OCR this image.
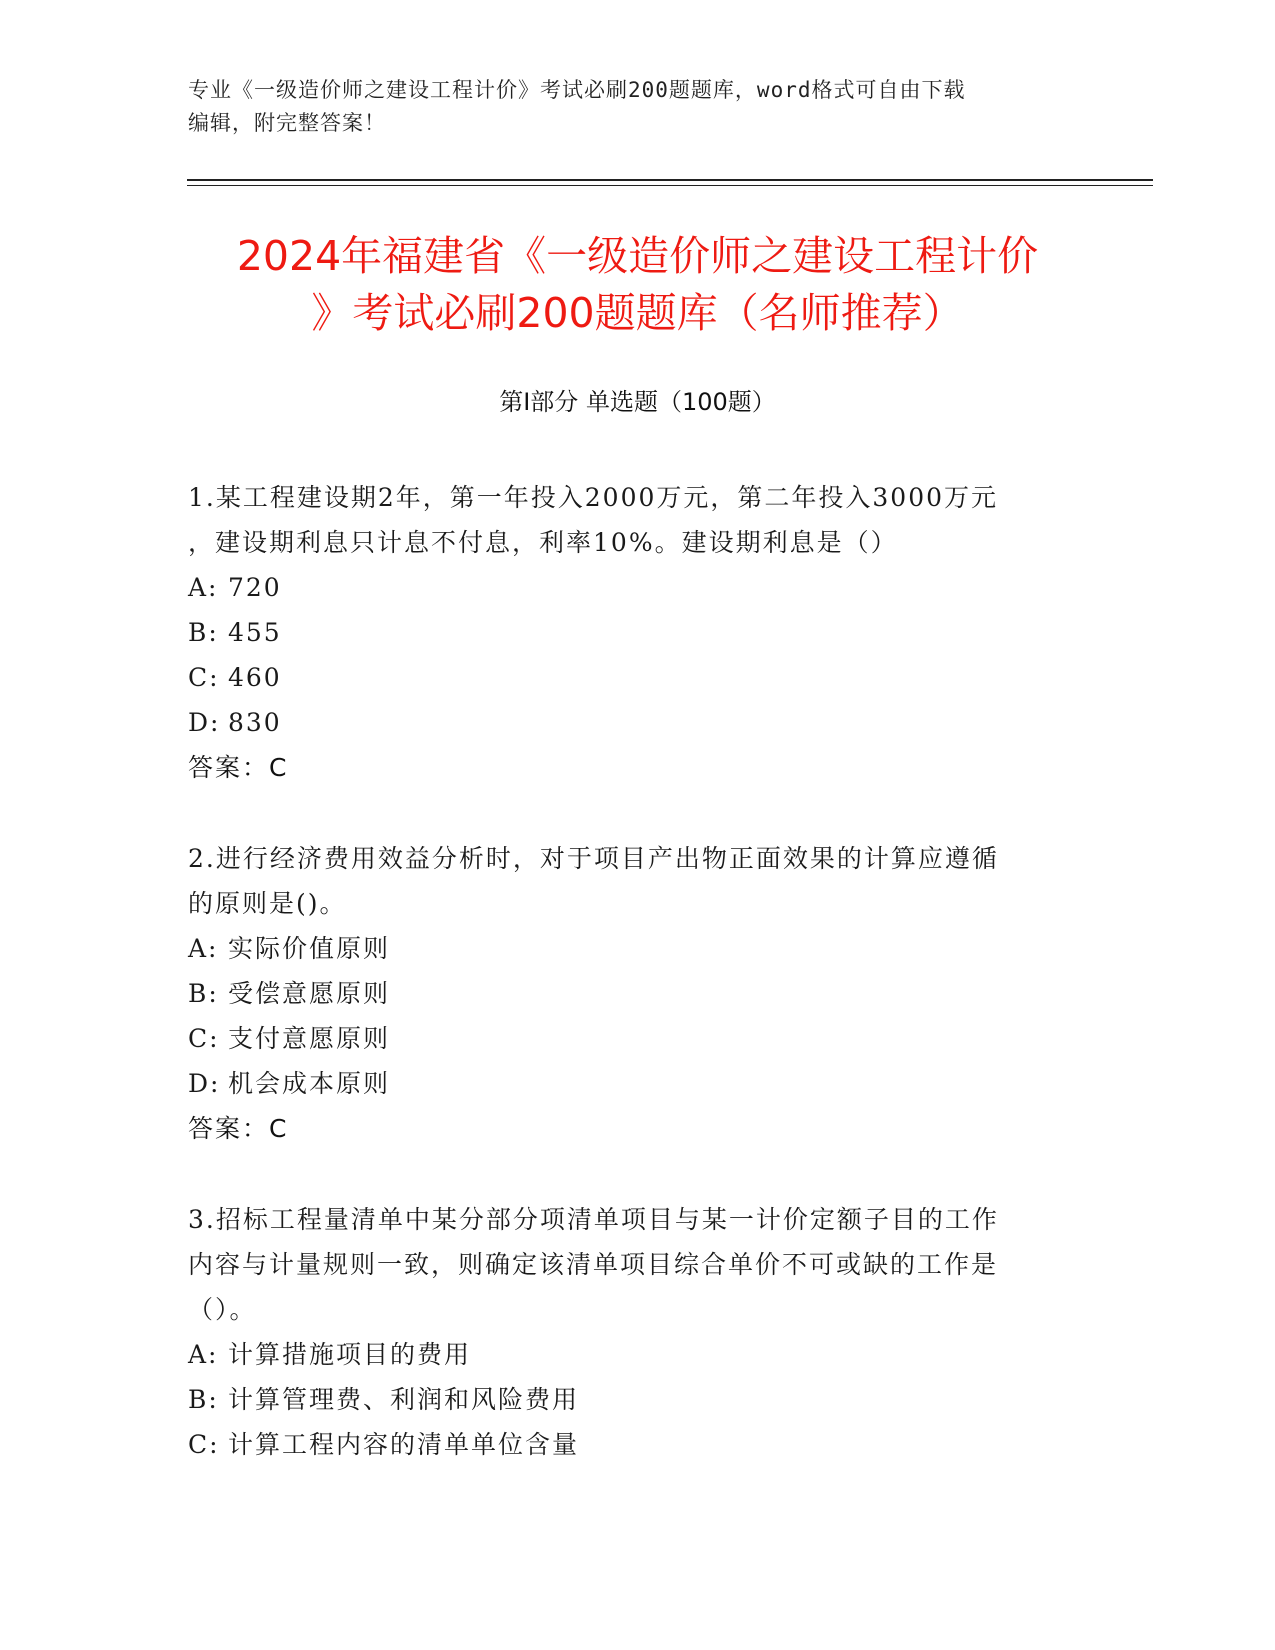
专业《一级造价师之建设工程计价》考试必刷200题题库，word格式可自由下载
编辑，附完整答案！
2024年福建省《一级造价师之建设工程计价
》考试必刷200题题库（名师推荐）
第I部分 单选题（100题）
1.某工程建设期2年，第一年投入2000万元，第二年投入3000万元
，建设期利息只计息不付息，利率10%。建设期利息是（）
A: 720
B: 455
C: 460
D: 830
答案：C
2.进行经济费用效益分析时，对于项目产出物正面效果的计算应遵循
的原则是()。
A: 实际价值原则
B: 受偿意愿原则
C: 支付意愿原则
D: 机会成本原则
答案：C
3.招标工程量清单中某分部分项清单项目与某一计价定额子目的工作
内容与计量规则一致，则确定该清单项目综合单价不可或缺的工作是
（）。
A: 计算措施项目的费用
B: 计算管理费、利润和风险费用
C: 计算工程内容的清单单位含量
